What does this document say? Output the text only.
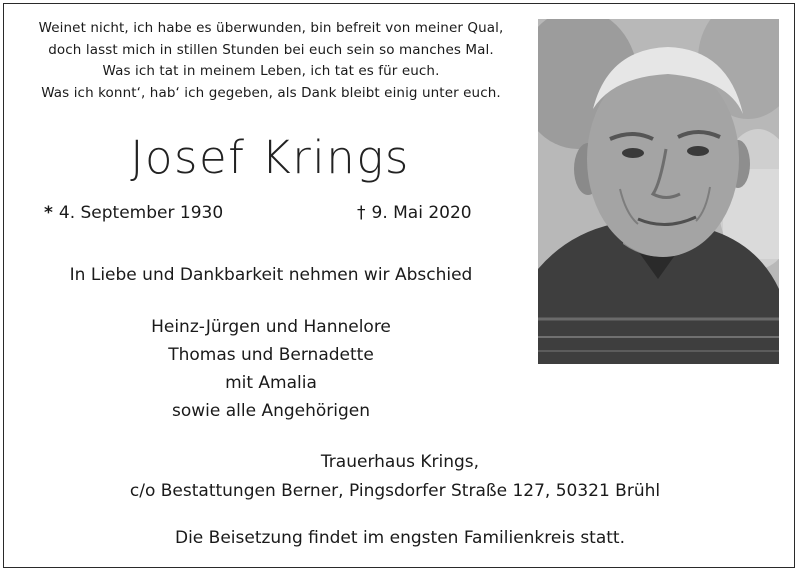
Weinet nicht, ich habe es überwunden, bin befreit von meiner Qual,
doch lasst mich in stillen Stunden bei euch sein so manches Mal.
Was ich tat in meinem Leben, ich tat es für euch.
Was ich konnt‘, hab‘ ich gegeben, als Dank bleibt einig unter euch.
Josef Krings
* 4. September 1930	† 9. Mai 2020
In Liebe und Dankbarkeit nehmen wir Abschied
Heinz-Jürgen und Hannelore
Thomas und Bernadette
mit Amalia
sowie alle Angehörigen
Trauerhaus Krings,
c/o Bestattungen Berner, Pingsdorfer Straße 127, 50321 Brühl
Die Beisetzung findet im engsten Familienkreis statt.
